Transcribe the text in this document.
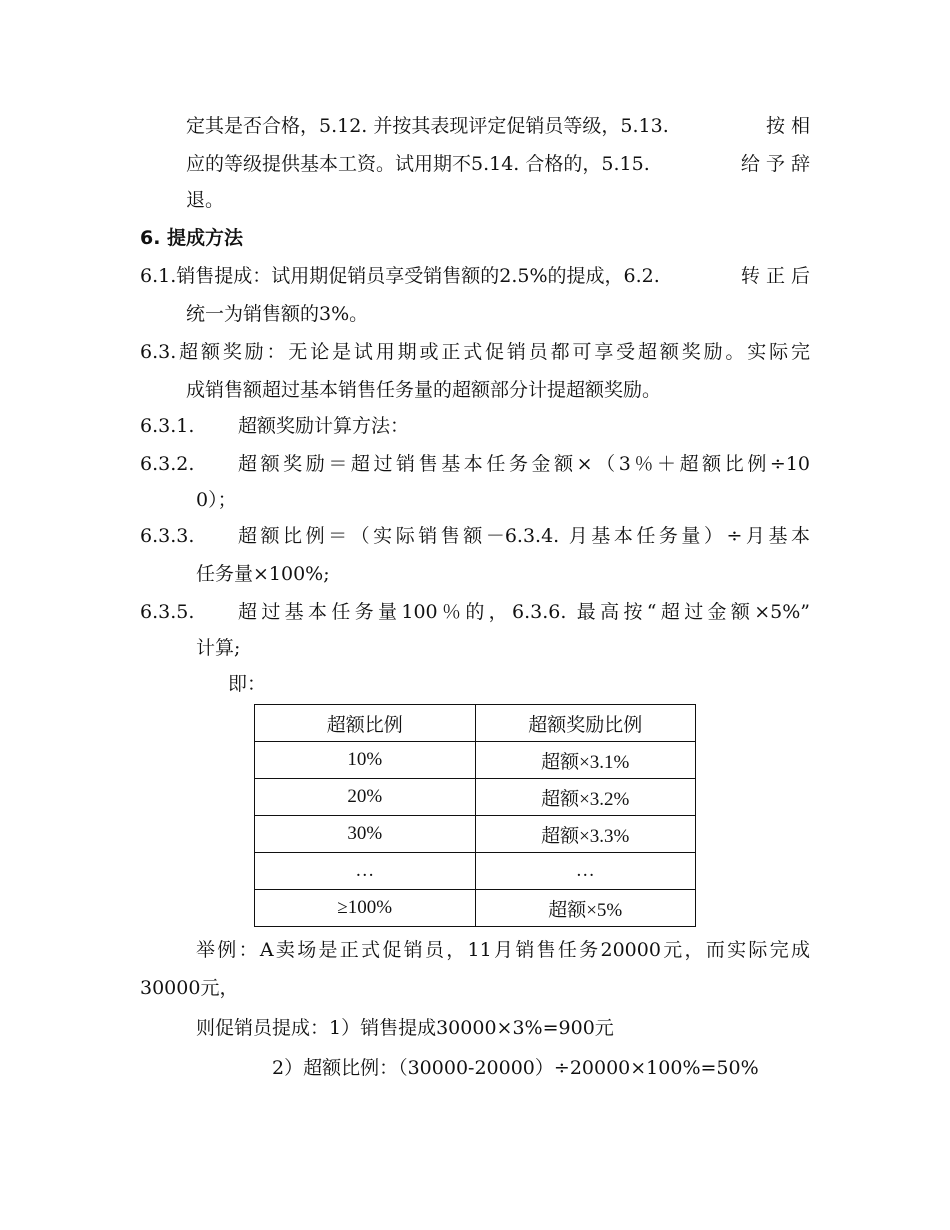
定其是否合格，5.12. 并按其表现评定促销员等级，5.13.	按 相
应的等级提供基本工资。试用期不5.14. 合格的，5.15.	给 予 辞
退。
6. 提成方法
6.1.销售提成：试用期促销员享受销售额的2.5%的提成，6.2.	转 正 后
统一为销售额的3%。
6.3.超额奖励：无论是试用期或正式促销员都可享受超额奖励。实际完
成销售额超过基本销售任务量的超额部分计提超额奖励。
6.3.1. 超额奖励计算方法：
6.3.2. 超额奖励＝超过销售基本任务金额×（3％＋超额比例÷10
0）；
6.3.3. 超额比例＝（实际销售额－6.3.4. 月基本任务量）÷月基本
任务量×100%;
6.3.5. 超过基本任务量100％的，6.3.6. 最高按“超过金额×5%”
计算;
即：
超额比例	超额奖励比例
10%	超额×3.1%
20%	超额×3.2%
30%	超额×3.3%
…	…
≥100%	超额×5%
举例：A卖场是正式促销员，11月销售任务20000元，而实际完成
30000元，
则促销员提成：1）销售提成30000×3%=900元
2）超额比例：（30000-20000）÷20000×100%=50%
